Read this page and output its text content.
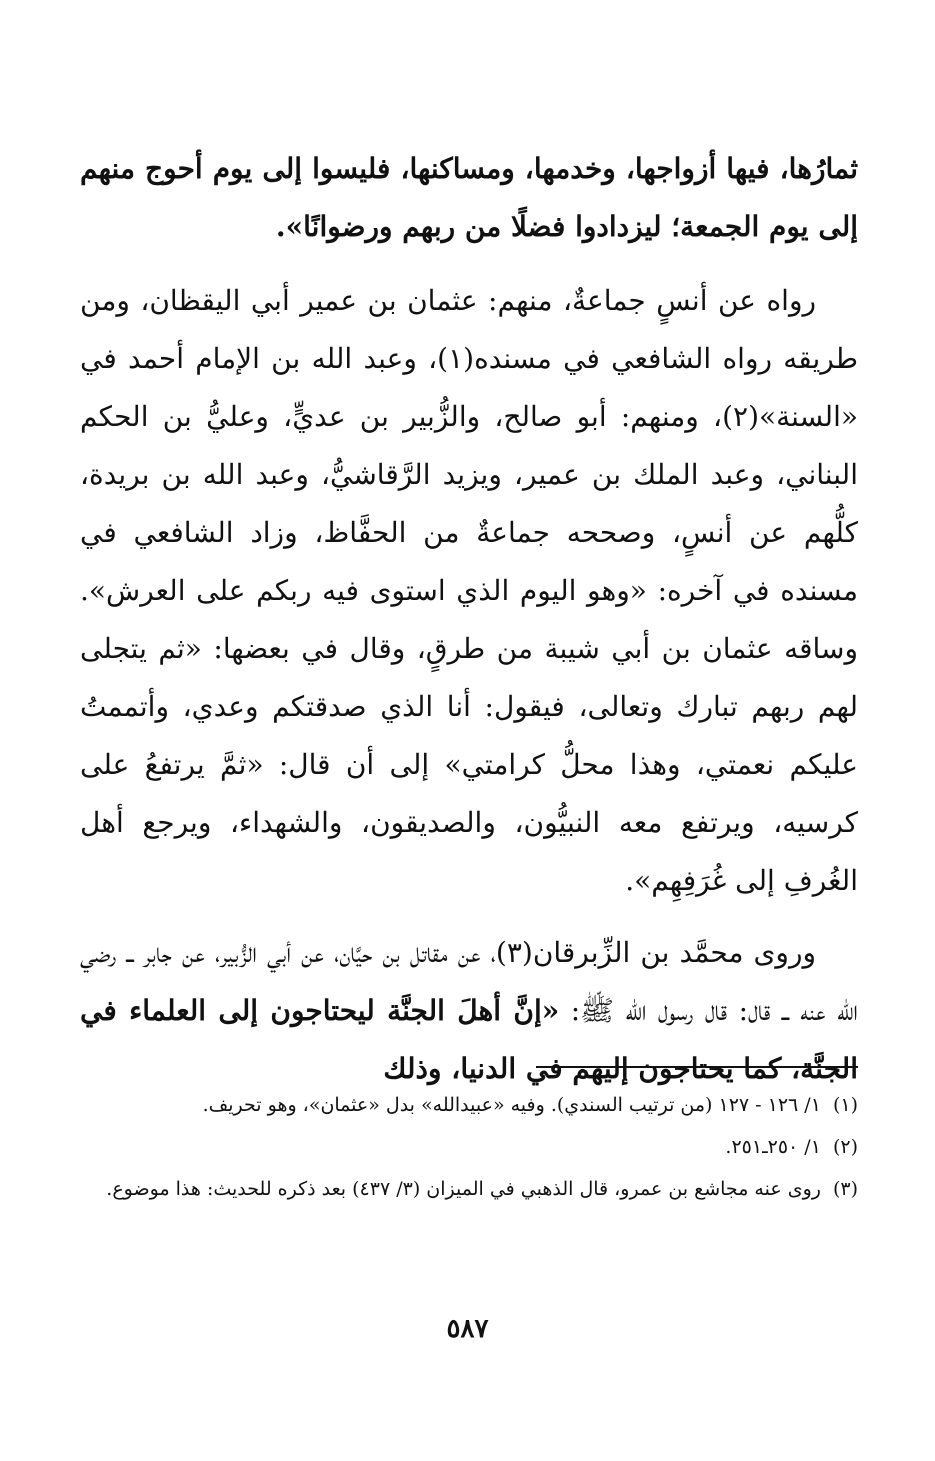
ثمارُها، فيها أزواجها، وخدمها، ومساكنها، فليسوا إلى يوم أحوج منهم إلى يوم الجمعة؛ ليزدادوا فضلًا من ربهم ورضوانًا».

رواه عن أنسٍ جماعةٌ، منهم: عثمان بن عمير أبي اليقظان، ومن طريقه رواه الشافعي في مسنده(١)، وعبد الله بن الإمام أحمد في «السنة»(٢)، ومنهم: أبو صالح، والزُّبير بن عديٍّ، وعليُّ بن الحكم البناني، وعبد الملك بن عمير، ويزيد الرَّقاشيُّ، وعبد الله بن بريدة، كلُّهم عن أنسٍ، وصححه جماعةٌ من الحفَّاظ، وزاد الشافعي في مسنده في آخره: «وهو اليوم الذي استوى فيه ربكم على العرش». وساقه عثمان بن أبي شيبة من طرقٍ، وقال في بعضها: «ثم يتجلى لهم ربهم تبارك وتعالى، فيقول: أنا الذي صدقتكم وعدي، وأتممتُ عليكم نعمتي، وهذا محلُّ كرامتي» إلى أن قال: «ثمَّ يرتفعُ على كرسيه، ويرتفع معه النبيُّون، والصديقون، والشهداء، ويرجع أهل الغُرفِ إلى غُرَفِهِم».

وروى محمَّد بن الزِّبرقان(٣)، عن مقاتل بن حيَّان، عن أبي الزُّبير، عن جابر ــ رضي الله عنه ــ قال: قال رسول الله ﷺ: «إنَّ أهلَ الجنَّة ليحتاجون إلى العلماء في الجنَّة، كما يحتاجون إليهم في الدنيا، وذلك

(١)١/ ١٢٦ - ١٢٧ (من ترتيب السندي). وفيه «عبيدالله» بدل «عثمان»، وهو تحريف.

(٢)١/ ٢٥٠ـ٢٥١.

(٣)روى عنه مجاشع بن عمرو، قال الذهبي في الميزان (٣/ ٤٣٧) بعد ذكره للحديث: هذا موضوع.

٥٨٧
